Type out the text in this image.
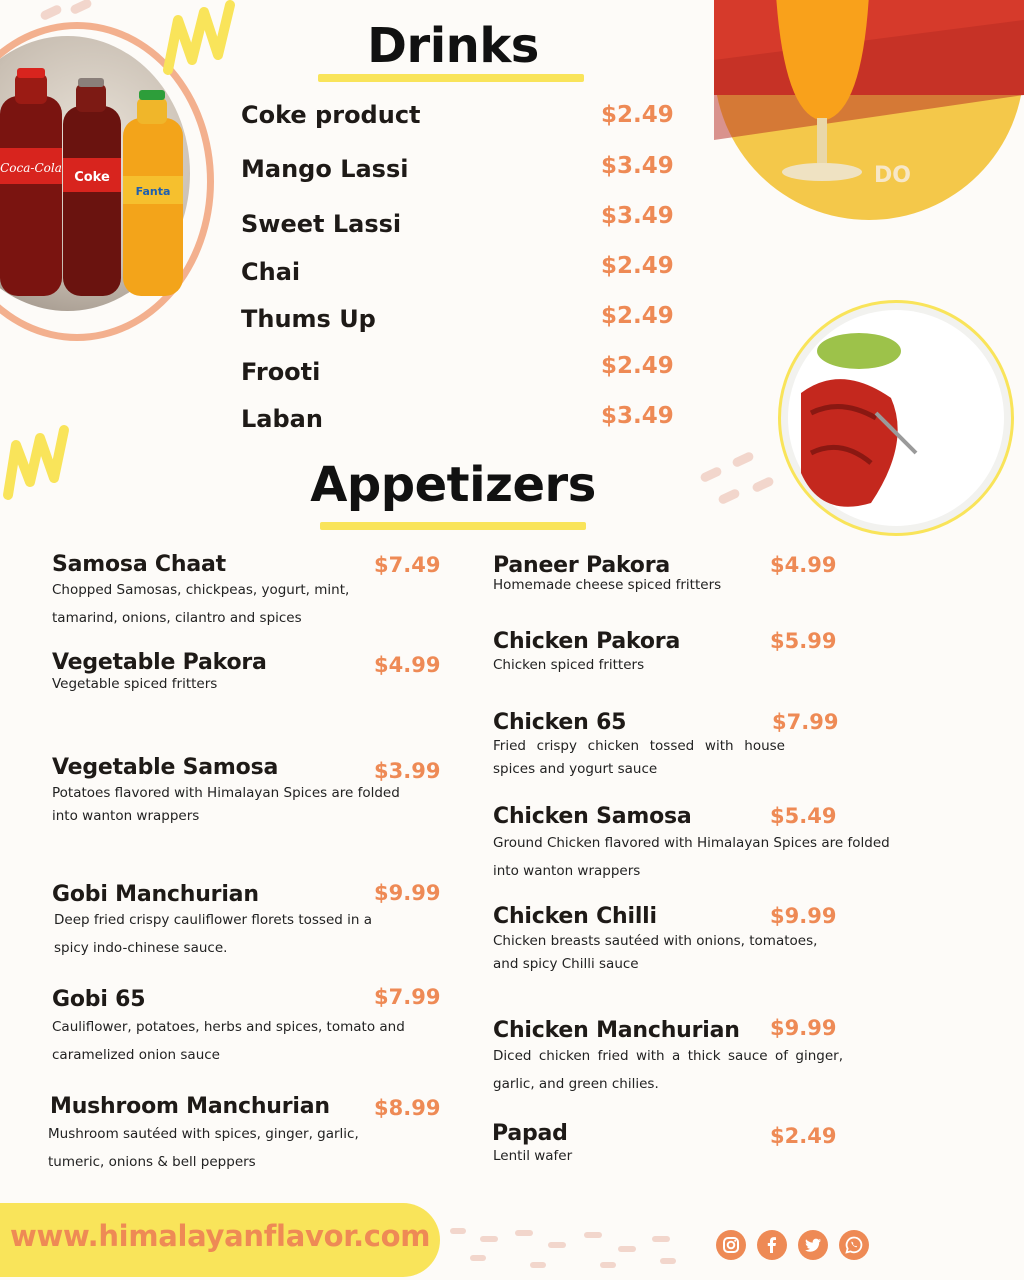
Coca-Cola
Coke
Fanta
DO
Drinks
Coke product	$2.49
Mango Lassi	$3.49
Sweet Lassi	$3.49
Chai	$2.49
Thums Up	$2.49
Frooti	$2.49
Laban	$3.49
Appetizers
Samosa Chaat	$7.49
Chopped Samosas, chickpeas, yogurt, mint, tamarind, onions, cilantro and spices
Vegetable Pakora	$4.99
Vegetable spiced fritters
Vegetable Samosa	$3.99
Potatoes flavored with Himalayan Spices are folded into wanton wrappers
Gobi Manchurian	$9.99
Deep fried crispy cauliflower florets tossed in a spicy indo-chinese sauce.
Gobi 65	$7.99
Cauliflower, potatoes, herbs and spices, tomato and caramelized onion sauce
Mushroom Manchurian $8.99
Mushroom sautéed with spices, ginger, garlic, tumeric, onions & bell peppers
Paneer Pakora	$4.99
Homemade cheese spiced fritters
Chicken Pakora	$5.99
Chicken spiced fritters
Chicken 65	$7.99
Fried crispy chicken tossed with house spices and yogurt sauce
Chicken Samosa	$5.49
Ground Chicken flavored with Himalayan Spices are folded into wanton wrappers
Chicken Chilli	$9.99
Chicken breasts sautéed with onions, tomatoes, and spicy Chilli sauce
Chicken Manchurian $9.99
Diced chicken fried with a thick sauce of ginger, garlic, and green chilies.
Papad	$2.49
Lentil wafer
www.himalayanflavor.com
